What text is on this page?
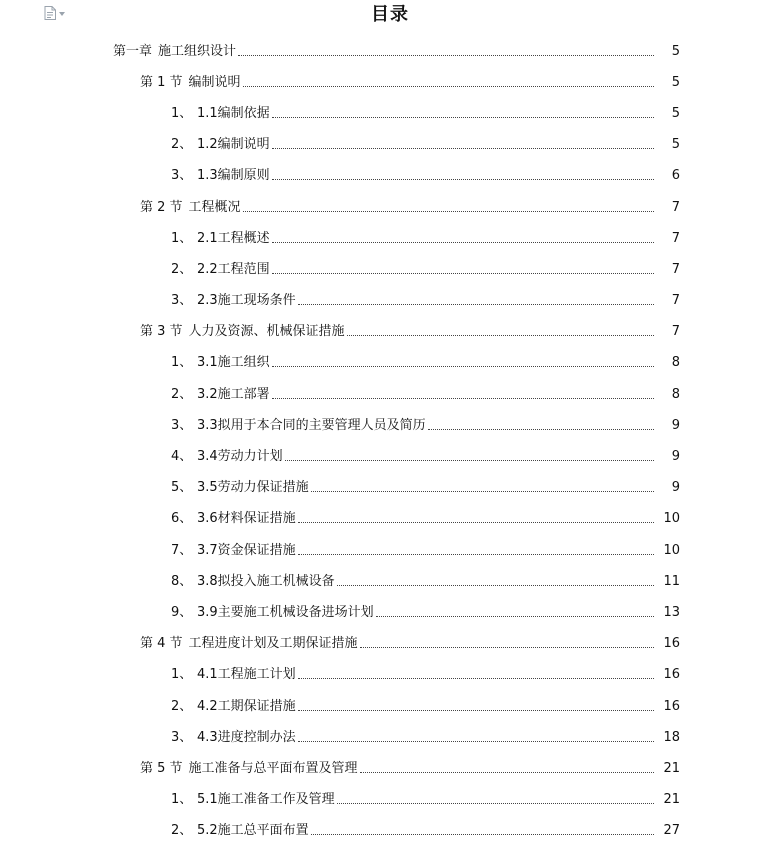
目录
第一章 施工组织设计	5
第 1 节 编制说明	5
1、 1.1编制依据	5
2、 1.2编制说明	5
3、 1.3编制原则	6
第 2 节 工程概况	7
1、 2.1工程概述	7
2、 2.2工程范围	7
3、 2.3施工现场条件	7
第 3 节 人力及资源、机械保证措施	7
1、 3.1施工组织	8
2、 3.2施工部署	8
3、 3.3拟用于本合同的主要管理人员及简历	9
4、 3.4劳动力计划	9
5、 3.5劳动力保证措施	9
6、 3.6材料保证措施	10
7、 3.7资金保证措施	10
8、 3.8拟投入施工机械设备	11
9、 3.9主要施工机械设备进场计划	13
第 4 节 工程进度计划及工期保证措施	16
1、 4.1工程施工计划	16
2、 4.2工期保证措施	16
3、 4.3进度控制办法	18
第 5 节 施工准备与总平面布置及管理	21
1、 5.1施工准备工作及管理	21
2、 5.2施工总平面布置	27
